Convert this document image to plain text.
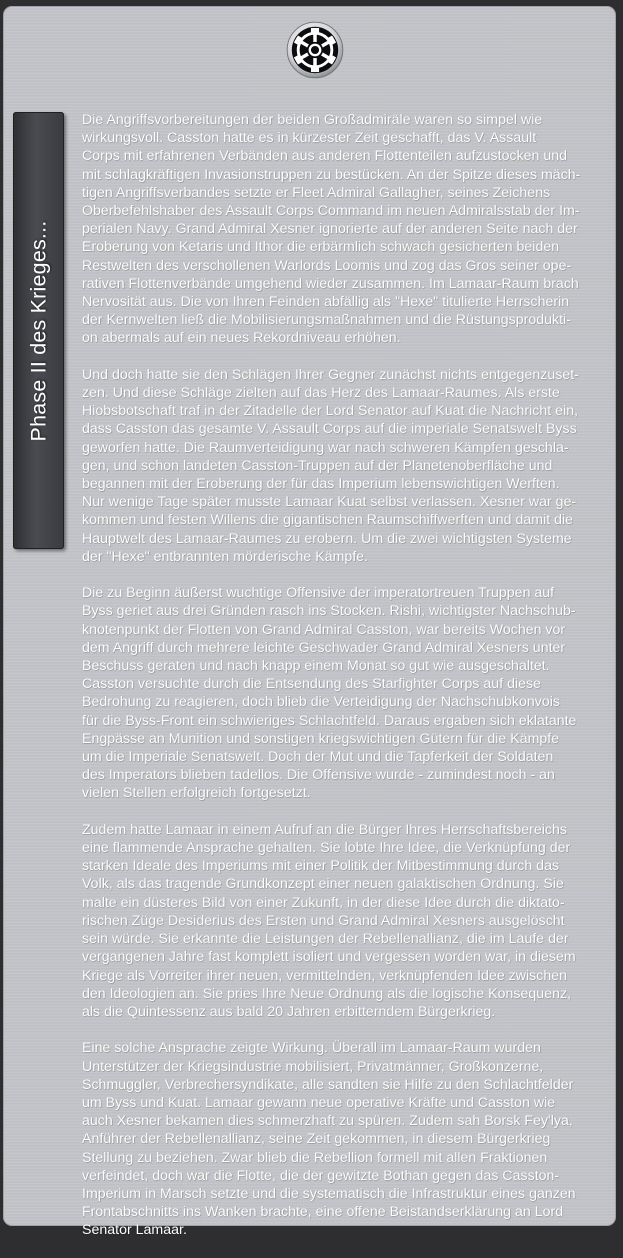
Phase II des Krieges...

Die Angriffsvorbereitungen der beiden Großadmiräle waren so simpel wie
wirkungsvoll. Casston hatte es in kürzester Zeit geschafft, das V. Assault
Corps mit erfahrenen Verbänden aus anderen Flottenteilen aufzustocken und
mit schlagkräftigen Invasionstruppen zu bestücken. An der Spitze dieses mäch-
tigen Angriffsverbandes setzte er Fleet Admiral Gallagher, seines Zeichens
Oberbefehlshaber des Assault Corps Command im neuen Admiralsstab der Im-
perialen Navy. Grand Admiral Xesner ignorierte auf der anderen Seite nach der
Eroberung von Ketaris und Ithor die erbärmlich schwach gesicherten beiden
Restwelten des verschollenen Warlords Loomis und zog das Gros seiner ope-
rativen Flottenverbände umgehend wieder zusammen. Im Lamaar-Raum brach
Nervosität aus. Die von Ihren Feinden abfällig als "Hexe" titulierte Herrscherin
der Kernwelten ließ die Mobilisierungsmaßnahmen und die Rüstungsprodukti-
on abermals auf ein neues Rekordniveau erhöhen.

Und doch hatte sie den Schlägen Ihrer Gegner zunächst nichts entgegenzuset-
zen. Und diese Schläge zielten auf das Herz des Lamaar-Raumes. Als erste
Hiobsbotschaft traf in der Zitadelle der Lord Senator auf Kuat die Nachricht ein,
dass Casston das gesamte V. Assault Corps auf die imperiale Senatswelt Byss
geworfen hatte. Die Raumverteidigung war nach schweren Kämpfen geschla-
gen, und schon landeten Casston-Truppen auf der Planetenoberfläche und
begannen mit der Eroberung der für das Imperium lebenswichtigen Werften.
Nur wenige Tage später musste Lamaar Kuat selbst verlassen. Xesner war ge-
kommen und festen Willens die gigantischen Raumschiffwerften und damit die
Hauptwelt des Lamaar-Raumes zu erobern. Um die zwei wichtigsten Systeme
der "Hexe" entbrannten mörderische Kämpfe.

Die zu Beginn äußerst wuchtige Offensive der imperatortreuen Truppen auf
Byss geriet aus drei Gründen rasch ins Stocken. Rishi, wichtigster Nachschub-
knotenpunkt der Flotten von Grand Admiral Casston, war bereits Wochen vor
dem Angriff durch mehrere leichte Geschwader Grand Admiral Xesners unter
Beschuss geraten und nach knapp einem Monat so gut wie ausgeschaltet.
Casston versuchte durch die Entsendung des Starfighter Corps auf diese
Bedrohung zu reagieren, doch blieb die Verteidigung der Nachschubkonvois
für die Byss-Front ein schwieriges Schlachtfeld. Daraus ergaben sich eklatante
Engpässe an Munition und sonstigen kriegswichtigen Gütern für die Kämpfe
um die Imperiale Senatswelt. Doch der Mut und die Tapferkeit der Soldaten
des Imperators blieben tadellos. Die Offensive wurde - zumindest noch - an
vielen Stellen erfolgreich fortgesetzt.

Zudem hatte Lamaar in einem Aufruf an die Bürger Ihres Herrschaftsbereichs
eine flammende Ansprache gehalten. Sie lobte Ihre Idee, die Verknüpfung der
starken Ideale des Imperiums mit einer Politik der Mitbestimmung durch das
Volk, als das tragende Grundkonzept einer neuen galaktischen Ordnung. Sie
malte ein düsteres Bild von einer Zukunft, in der diese Idee durch die diktato-
rischen Züge Desiderius des Ersten und Grand Admiral Xesners ausgelöscht
sein würde. Sie erkannte die Leistungen der Rebellenallianz, die im Laufe der
vergangenen Jahre fast komplett isoliert und vergessen worden war, in diesem
Kriege als Vorreiter ihrer neuen, vermittelnden, verknüpfenden Idee zwischen
den Ideologien an. Sie pries Ihre Neue Ordnung als die logische Konsequenz,
als die Quintessenz aus bald 20 Jahren erbitterndem Bürgerkrieg.

Eine solche Ansprache zeigte Wirkung. Überall im Lamaar-Raum wurden
Unterstützer der Kriegsindustrie mobilisiert, Privatmänner, Großkonzerne,
Schmuggler, Verbrechersyndikate, alle sandten sie Hilfe zu den Schlachtfelder
um Byss und Kuat. Lamaar gewann neue operative Kräfte und Casston wie
auch Xesner bekamen dies schmerzhaft zu spüren. Zudem sah Borsk Fey'lya,
Anführer der Rebellenallianz, seine Zeit gekommen, in diesem Bürgerkrieg
Stellung zu beziehen. Zwar blieb die Rebellion formell mit allen Fraktionen
verfeindet, doch war die Flotte, die der gewitzte Bothan gegen das Casston-
Imperium in Marsch setzte und die systematisch die Infrastruktur eines ganzen
Frontabschnitts ins Wanken brachte, eine offene Beistandserklärung an Lord
Senator Lamaar.
